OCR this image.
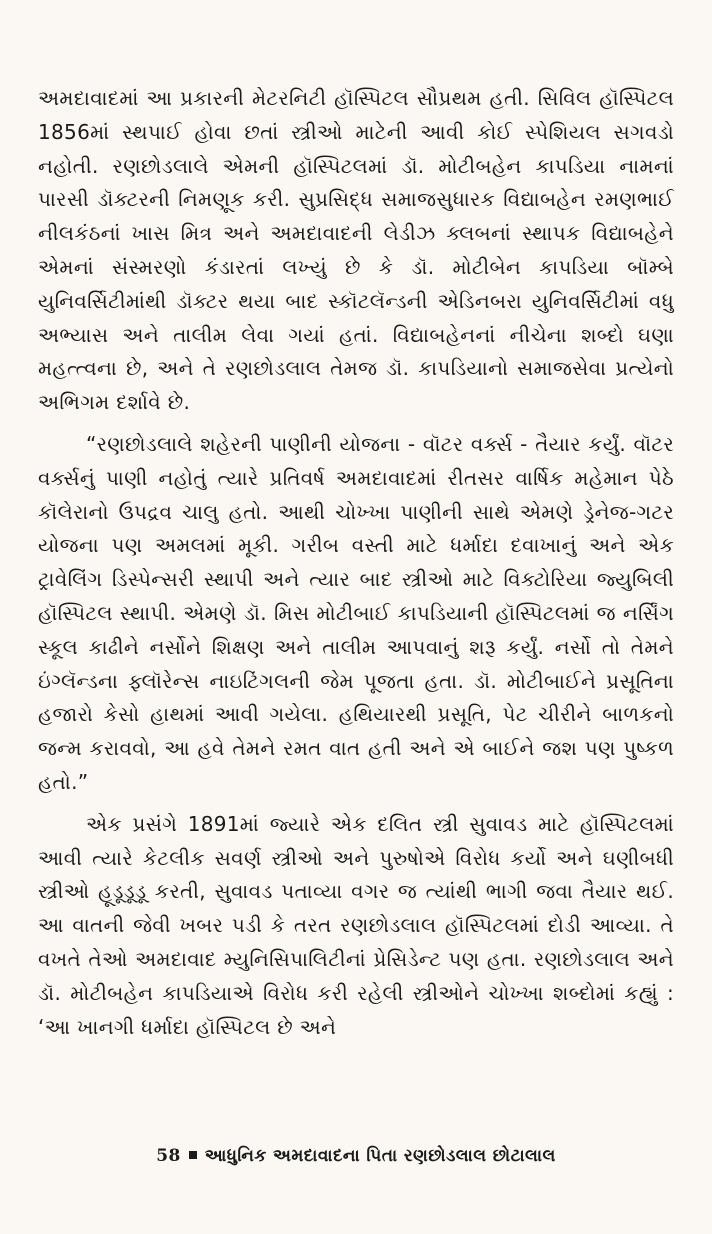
અમદાવાદમાં આ પ્રકારની મેટરનિટી હૉસ્પિટલ સૌપ્રથમ હતી. સિવિલ હૉસ્પિટલ 1856માં સ્થપાઈ હોવા છતાં સ્ત્રીઓ માટેની આવી કોઈ સ્પેશિયલ સગવડો નહોતી. રણછોડલાલે એમની હૉસ્પિટલમાં ડૉ. મોટીબહેન કાપડિયા નામનાં પારસી ડૉક્ટરની નિમણૂક કરી. સુપ્રસિદ્ધ સમાજસુધારક વિદ્યાબહેન રમણભાઈ નીલકંઠનાં ખાસ મિત્ર અને અમદાવાદની લેડીઝ ક્લબનાં સ્થાપક વિદ્યાબહેને એમનાં સંસ્મરણો કંડારતાં લખ્યું છે કે ડૉ. મોટીબેન કાપડિયા બૉમ્બે યુનિવર્સિટીમાંથી ડૉક્ટર થયા બાદ સ્કૉટલૅન્ડની એડિનબરા યુનિવર્સિટીમાં વધુ અભ્યાસ અને તાલીમ લેવા ગયાં હતાં. વિદ્યાબહેનનાં નીચેના શબ્દો ઘણા મહત્ત્વના છે, અને તે રણછોડલાલ તેમજ ડૉ. કાપડિયાનો સમાજસેવા પ્રત્યેનો અભિગમ દર્શાવે છે.

“રણછોડલાલે શહેરની પાણીની યોજના - વૉટર વર્ક્સ - તૈયાર કર્યું. વૉટર વર્ક્સનું પાણી નહોતું ત્યારે પ્રતિવર્ષ અમદાવાદમાં રીતસર વાર્ષિક મહેમાન પેઠે કૉલેરાનો ઉપદ્રવ ચાલુ હતો. આથી ચોખ્ખા પાણીની સાથે એમણે ડ્રેનેજ-ગટર યોજના પણ અમલમાં મૂકી. ગરીબ વસ્તી માટે ધર્માદા દવાખાનું અને એક ટ્રાવેલિંગ ડિસ્પેન્સરી સ્થાપી અને ત્યાર બાદ સ્ત્રીઓ માટે વિક્ટોરિયા જ્યુબિલી હૉસ્પિટલ સ્થાપી. એમણે ડૉ. મિસ મોટીબાઈ કાપડિયાની હૉસ્પિટલમાં જ નર્સિંગ સ્કૂલ કાઢીને નર્સોને શિક્ષણ અને તાલીમ આપવાનું શરૂ કર્યું. નર્સો તો તેમને ઇંગ્લૅન્ડના ફ્લૉરેન્સ નાઇટિંગલની જેમ પૂજતા હતા. ડૉ. મોટીબાઈને પ્રસૂતિના હજારો કેસો હાથમાં આવી ગયેલા. હથિયારથી પ્રસૂતિ, પેટ ચીરીને બાળકનો જન્મ કરાવવો, આ હવે તેમને રમત વાત હતી અને એ બાઈને જશ પણ પુષ્કળ હતો.”

એક પ્રસંગે 1891માં જ્યારે એક દલિત સ્ત્રી સુવાવડ માટે હૉસ્પિટલમાં આવી ત્યારે કેટલીક સવર્ણ સ્ત્રીઓ અને પુરુષોએ વિરોધ કર્યો અને ઘણીબધી સ્ત્રીઓ હૂડૂડૂડૂ કરતી, સુવાવડ પતાવ્યા વગર જ ત્યાંથી ભાગી જવા તૈયાર થઈ. આ વાતની જેવી ખબર પડી કે તરત રણછોડલાલ હૉસ્પિટલમાં દોડી આવ્યા. તે વખતે તેઓ અમદાવાદ મ્યુનિસિપાલિટીનાં પ્રેસિડેન્ટ પણ હતા. રણછોડલાલ અને ડૉ. મોટીબહેન કાપડિયાએ વિરોધ કરી રહેલી સ્ત્રીઓને ચોખ્ખા શબ્દોમાં કહ્યું : ‘આ ખાનગી ધર્માદા હૉસ્પિટલ છે અને

58 આધુનિક અમદાવાદના પિતા રણછોડલાલ છોટાલાલ
